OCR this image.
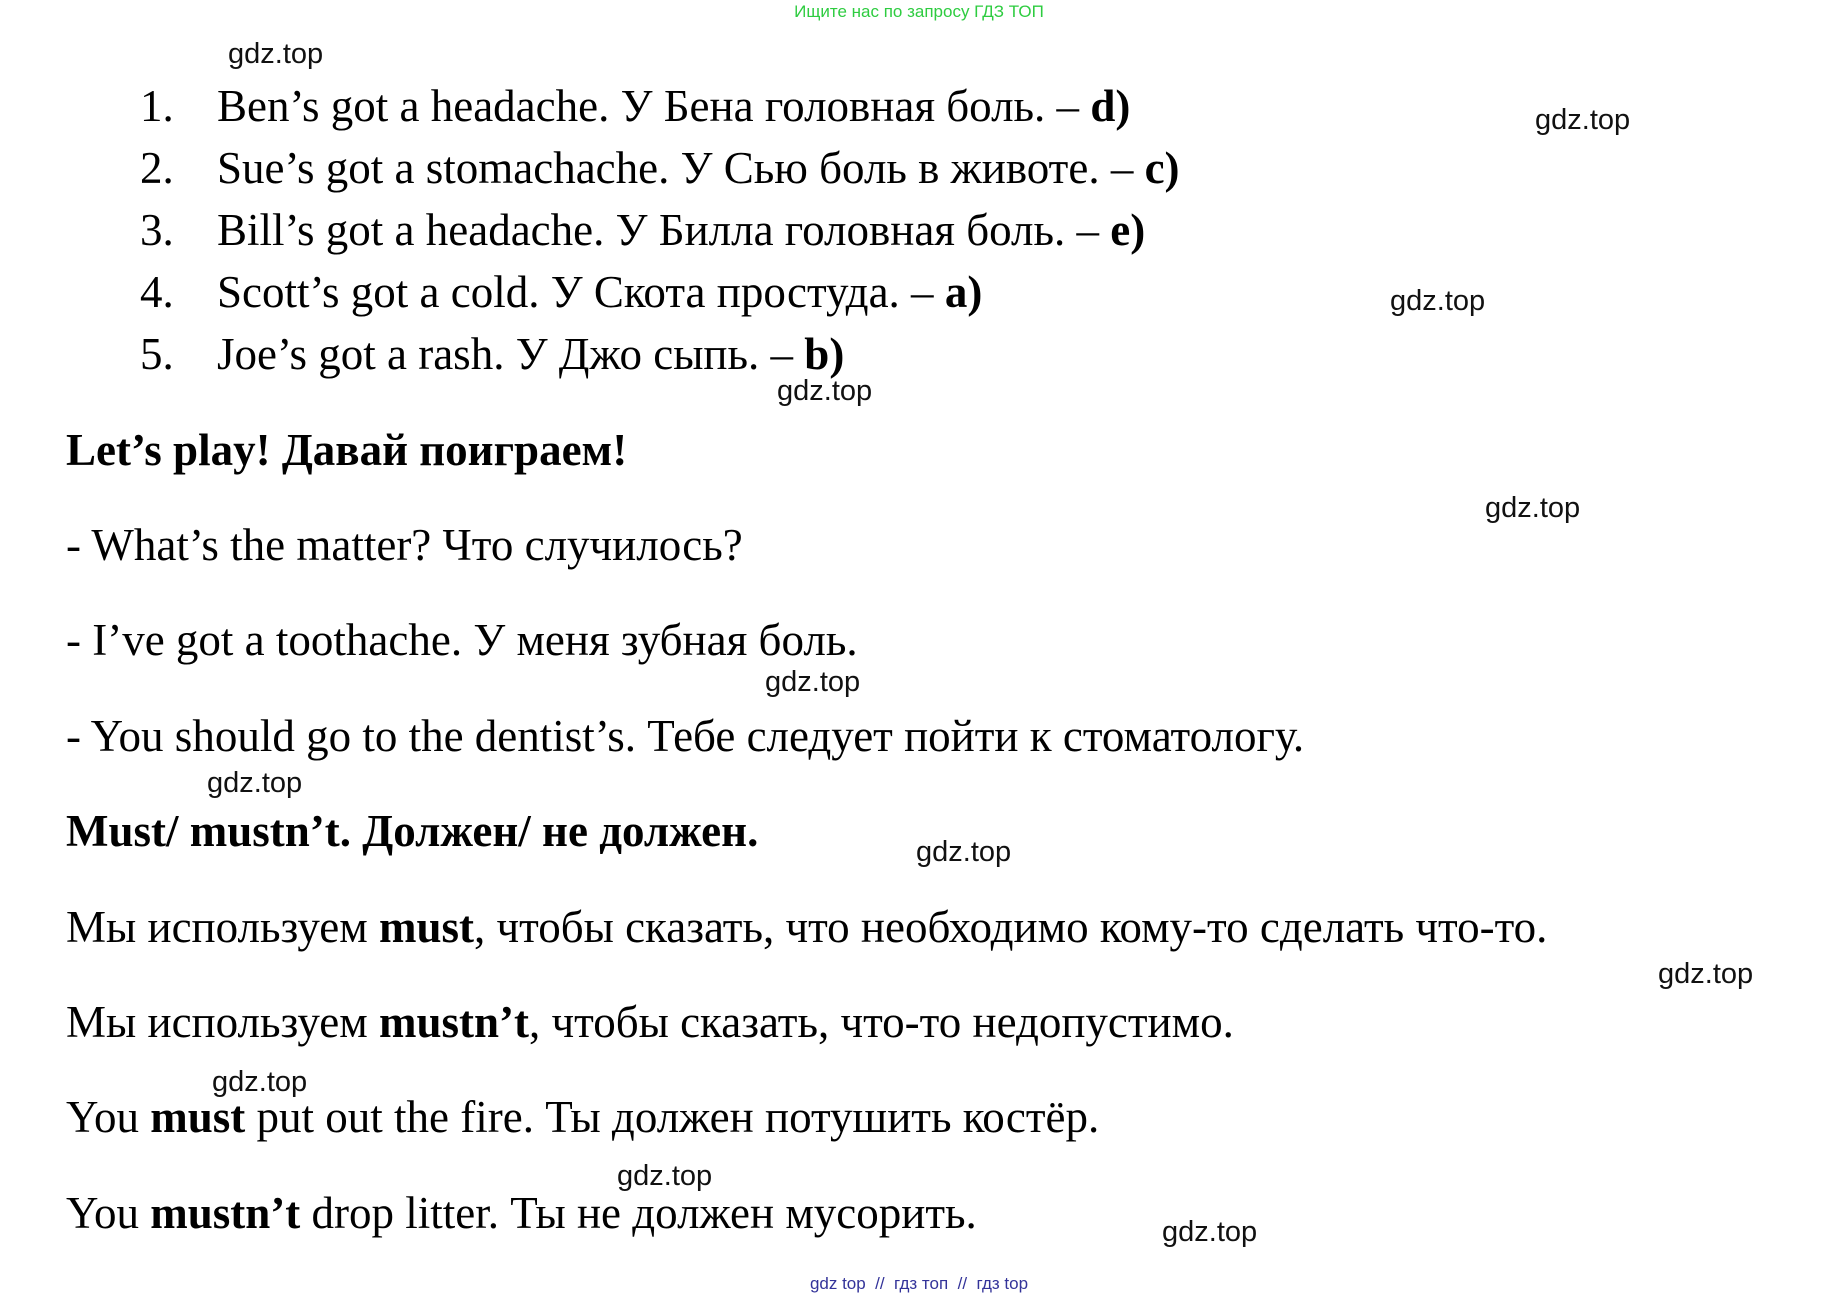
Ищите нас по запросу ГДЗ ТОП
gdz.top
gdz.top
gdz.top
gdz.top
gdz.top
gdz.top
gdz.top
gdz.top
gdz.top
gdz.top
gdz.top
gdz.top
1. Ben’s got a headache. У Бена головная боль. – d)
2. Sue’s got a stomachache. У Сью боль в животе. – c)
3. Bill’s got a headache. У Билла головная боль. – e)
4. Scott’s got a cold. У Скота простуда. – a)
5. Joe’s got a rash. У Джо сыпь. – b)
Let’s play! Давай поиграем!
- What’s the matter? Что случилось?
- I’ve got a toothache. У меня зубная боль.
- You should go to the dentist’s. Тебе следует пойти к стоматологу.
Must/ mustn’t. Должен/ не должен.
Мы используем must, чтобы сказать, что необходимо кому-то сделать что-то.
Мы используем mustn’t, чтобы сказать, что-то недопустимо.
You must put out the fire. Ты должен потушить костёр.
You mustn’t drop litter. Ты не должен мусорить.
gdz top  //  гдз топ  //  гдз top
